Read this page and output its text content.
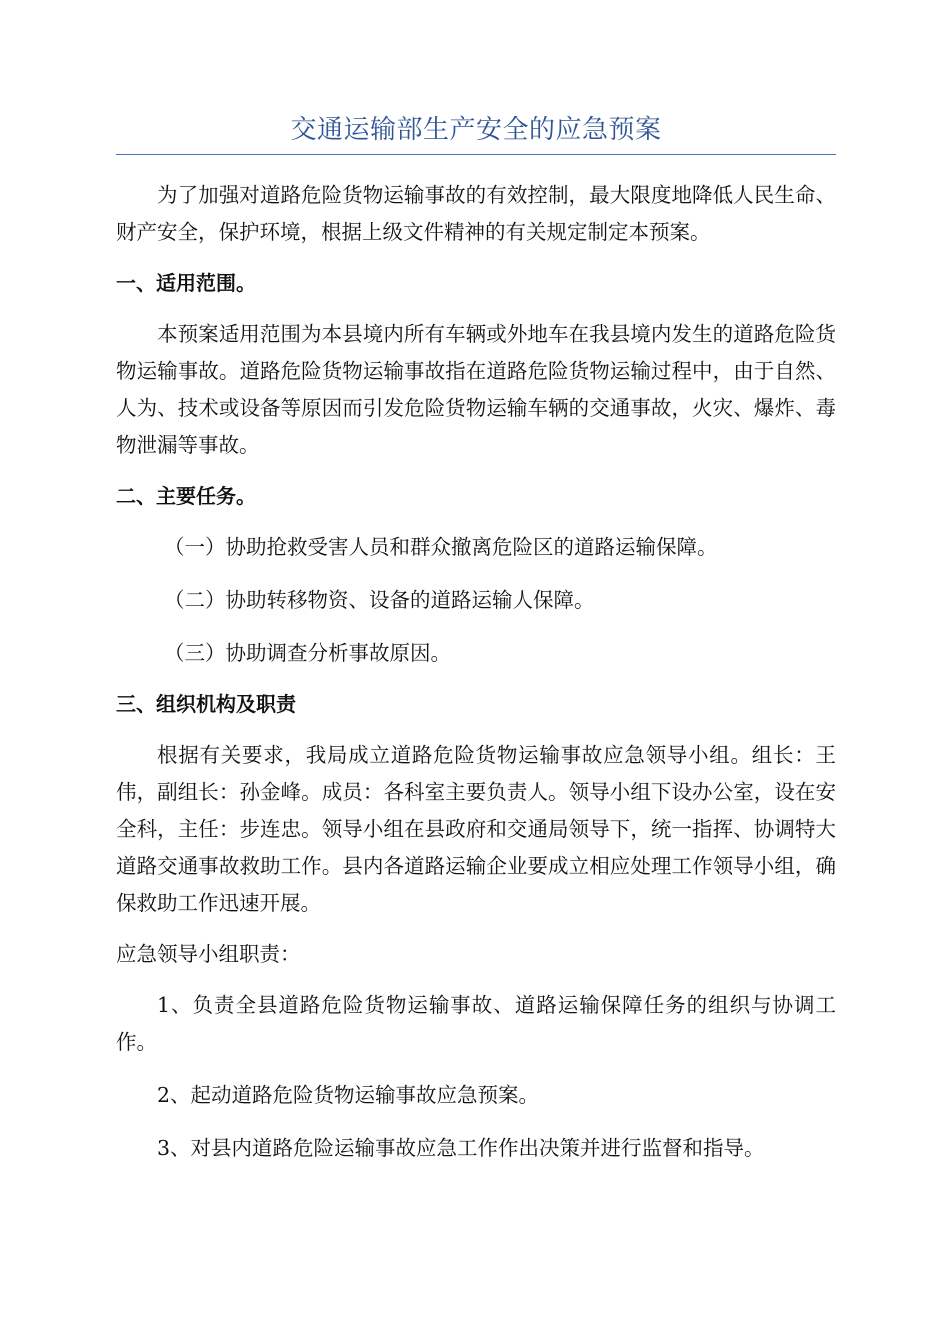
交通运输部生产安全的应急预案

为了加强对道路危险货物运输事故的有效控制，最大限度地降低人民生命、财产安全，保护环境，根据上级文件精神的有关规定制定本预案。

一、适用范围。

本预案适用范围为本县境内所有车辆或外地车在我县境内发生的道路危险货物运输事故。道路危险货物运输事故指在道路危险货物运输过程中，由于自然、人为、技术或设备等原因而引发危险货物运输车辆的交通事故，火灾、爆炸、毒物泄漏等事故。

二、主要任务。

（一）协助抢救受害人员和群众撤离危险区的道路运输保障。

（二）协助转移物资、设备的道路运输人保障。

（三）协助调查分析事故原因。

三、组织机构及职责

根据有关要求，我局成立道路危险货物运输事故应急领导小组。组长：王伟，副组长：孙金峰。成员：各科室主要负责人。领导小组下设办公室，设在安全科，主任：步连忠。领导小组在县政府和交通局领导下，统一指挥、协调特大道路交通事故救助工作。县内各道路运输企业要成立相应处理工作领导小组，确保救助工作迅速开展。

应急领导小组职责：

1、负责全县道路危险货物运输事故、道路运输保障任务的组织与协调工作。

2、起动道路危险货物运输事故应急预案。

3、对县内道路危险运输事故应急工作作出决策并进行监督和指导。
